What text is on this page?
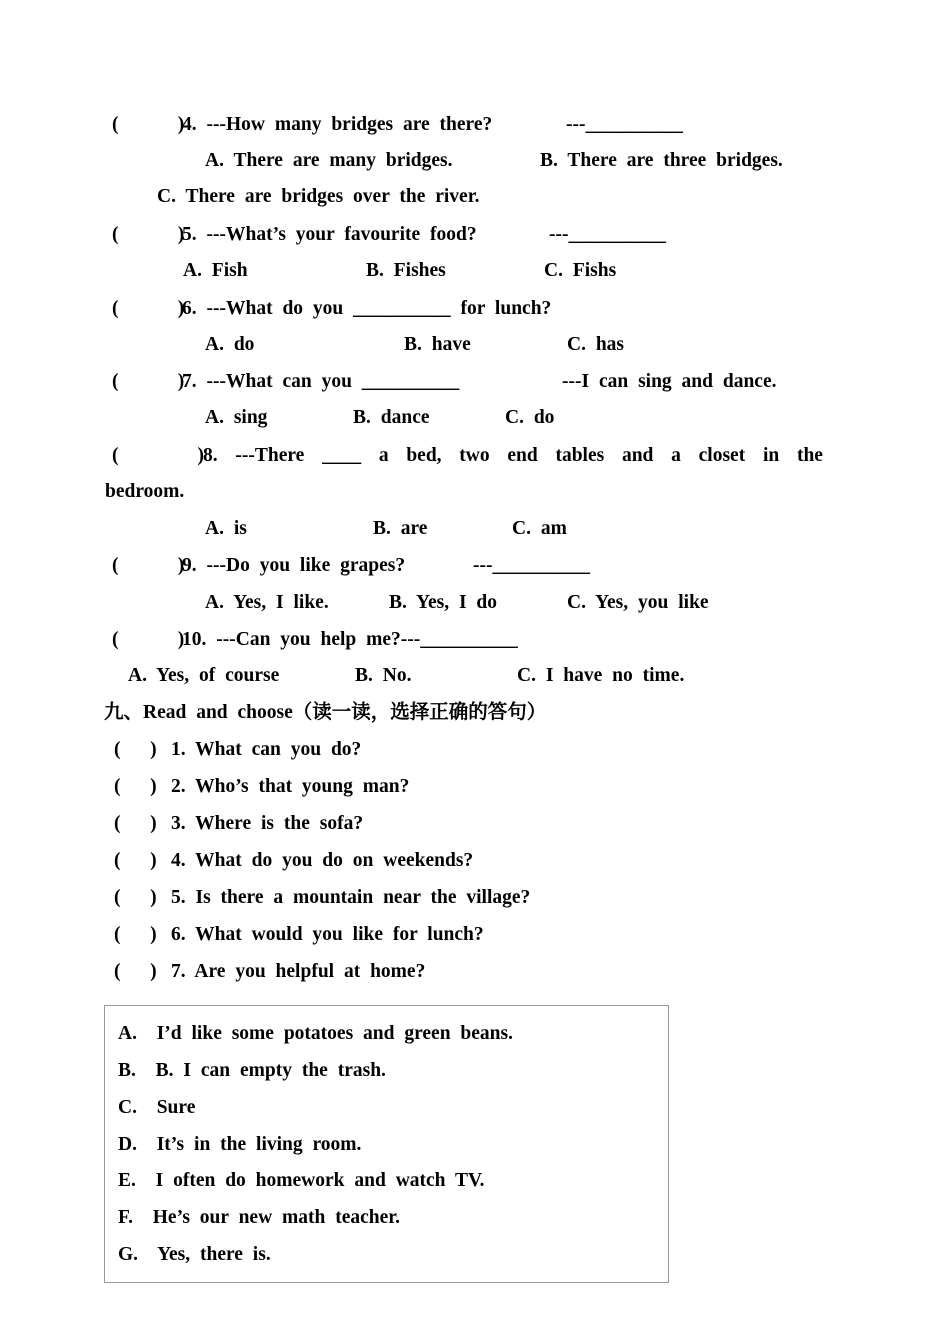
(      )
4. ---How many bridges are there?	---__________
A. There are many bridges.	B. There are three bridges.
C. There are bridges over the river.
(      )
5. ---What’s your favourite food?	---__________
A. Fish	B. Fishes	C. Fishs
(      )
6. ---What do you __________ for lunch?
A. do	B. have	C. has
(      )
7. ---What can you __________	---I can sing and dance.
A. sing	B. dance	C. do
(        ) 8.  ---There  ____  a  bed,  two  end  tables  and  a  closet  in  the
bedroom.
A. is	B. are	C. am
(      )
9. ---Do you like grapes?	---__________
A. Yes, I like.	B. Yes, I do	C. Yes, you like
(      )
10. ---Can you help me?---__________
A. Yes, of course	B. No.	C. I have no time.
九、Read and choose（读一读，选择正确的答句）
(   ) 1. What can you do?
(   ) 2. Who’s that young man?
(   ) 3. Where is the sofa?
(   ) 4. What do you do on weekends?
(   ) 5. Is there a mountain near the village?
(   ) 6. What would you like for lunch?
(   ) 7. Are you helpful at home?
A.  I’d like some potatoes and green beans.
B.  B. I can empty the trash.
C.  Sure
D.  It’s in the living room.
E.  I often do homework and watch TV.
F.  He’s our new math teacher.
G.  Yes, there is.
